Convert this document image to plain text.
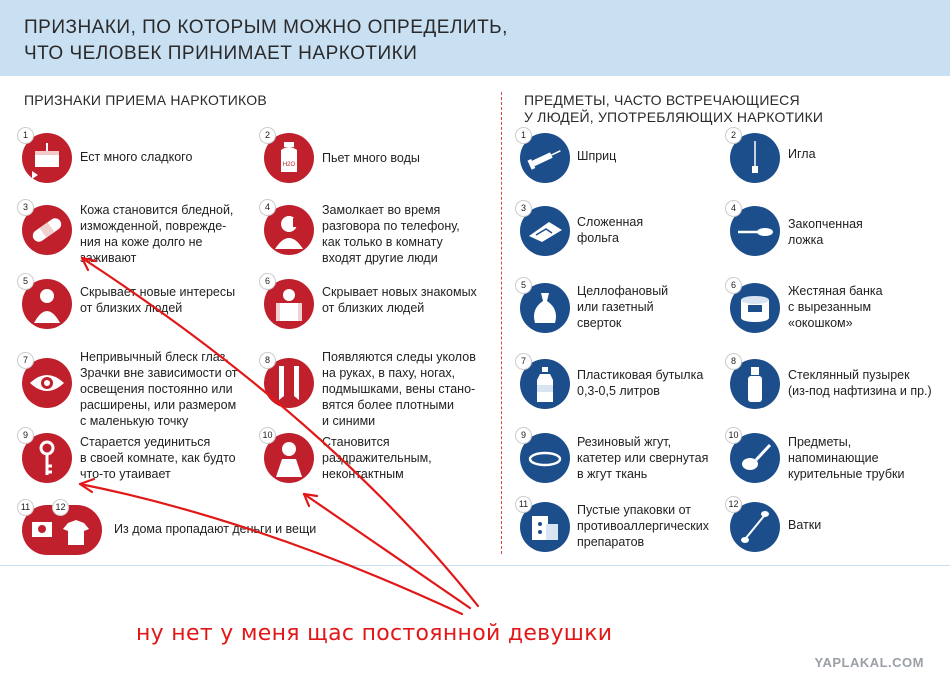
ПРИЗНАКИ, ПО КОТОРЫМ МОЖНО ОПРЕДЕЛИТЬ,
ЧТО ЧЕЛОВЕК ПРИНИМАЕТ НАРКОТИКИ
ПРИЗНАКИ ПРИЕМА НАРКОТИКОВ	ПРЕДМЕТЫ, ЧАСТО ВСТРЕЧАЮЩИЕСЯ
У ЛЮДЕЙ, УПОТРЕБЛЯЮЩИХ НАРКОТИКИ
1
Ест много сладкого
2
H2O Пьет много воды
3	Кожа становится бледной,
изможденной, поврежде-
ния на коже долго не
заживают
4	Замолкает во время
разговора по телефону,
как только в комнату
входят другие люди
5
Скрывает новые интересы
от близких людей
6
Скрывает новых знакомых
от близких людей
7	Непривычный блеск глаз.
Зрачки вне зависимости от
освещения постоянно или
расширены, или размером
с маленькую точку
8	Появляются следы уколов
на руках, в паху, ногах,
подмышками, вены стано-
вятся более плотными
и синими
9	Старается уединиться
в своей комнате, как будто
что-то утаивает
10	Становится
раздражительным,
неконтактным
11	12
Из дома пропадают деньги и вещи
1
Шприц
2
Игла
3
Сложенная
фольга
4
Закопченная
ложка
5	Целлофановый
или газетный
сверток
6	Жестяная банка
с вырезанным
«окошком»
7
Пластиковая бутылка
0,3-0,5 литров
8
Стеклянный пузырек
(из-под нафтизина и пр.)
9	Резиновый жгут,
катетер или свернутая
в жгут ткань
10	Предметы,
напоминающие
курительные трубки
11	Пустые упаковки от
противоаллергических
препаратов
12
Ватки
ну нет у меня щас постоянной девушки
YAPLAKAL.COM
